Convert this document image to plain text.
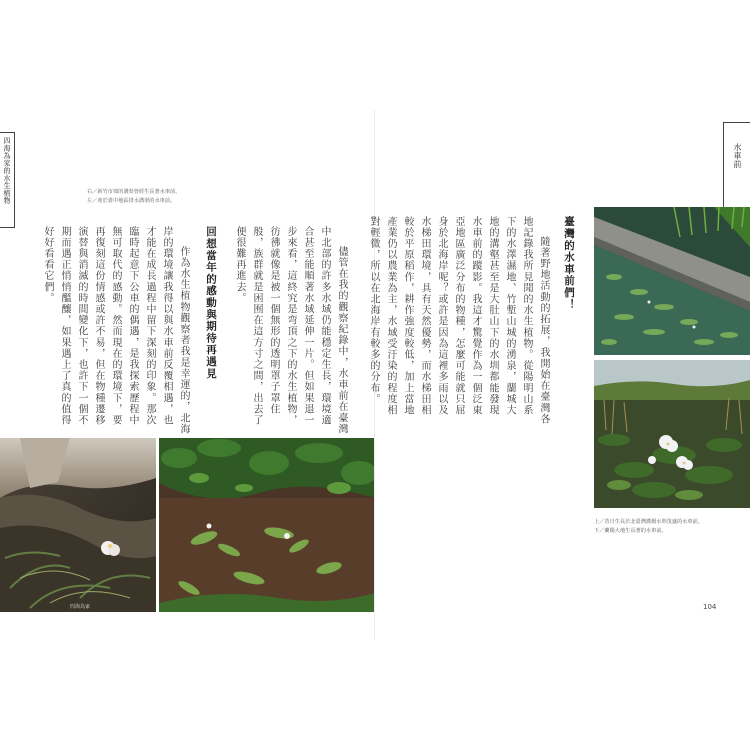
四海為家的水生植物	右／新竹市郊的溝渠曾經生長著水車前。
左／產於臺中地區排水溝渠的水車前。

儘管在我的觀察紀錄中，水車前在臺灣中北部的許多水域仍能穩定生長，環境適合甚至能順著水域延伸一片。但如果退一步來看，這終究是弯頂之下的水生植物，彷彿就像是被一個無形的透明罩子罩住般，族群就是困囿在這方寸之間，出去了便很難再進去。

回想當年的感動與期待再遇見

作為水生植物觀察者我是幸運的，北海岸的環境讓我得以與水車前反覆相遇，也才能在成長過程中留下深刻的印象。那次臨時起意下公車的偶遇，是我探索歷程中無可取代的感動。然而現在的環境下，要再復刻這份情感或許不易，但在物種遷移演替與消滅的時間變化下，也許下一個不期而遇正悄悄醞釀，如果遇上了真的值得好好看看它們。

105
四海為家
水車前
臺灣的水車前們！

隨著野地活動的拓展，我開始在臺灣各地記錄我所見聞的水生植物。從陽明山系下的水澤濕地、竹塹山城的湧泉，蘭城大地的溝壑甚至是大肚山下的水圳都能發現水車前的蹤影。我這才驚覺作為一個泛東亞地區廣泛分布的物種，怎麼可能就只屈身於北海岸呢？或許是因為這裡多雨以及水梯田環境，具有天然優勢，而水梯田相較於平原稻作，耕作強度較低，加上當地產業仍以農業為主，水域受汙染的程度相對輕微，所以在北海岸有較多的分布。

上／昔日生長於北臺灣灌溉水圳茂盛的水車前。
下／蘭陽大地生長著的水車前。
104
